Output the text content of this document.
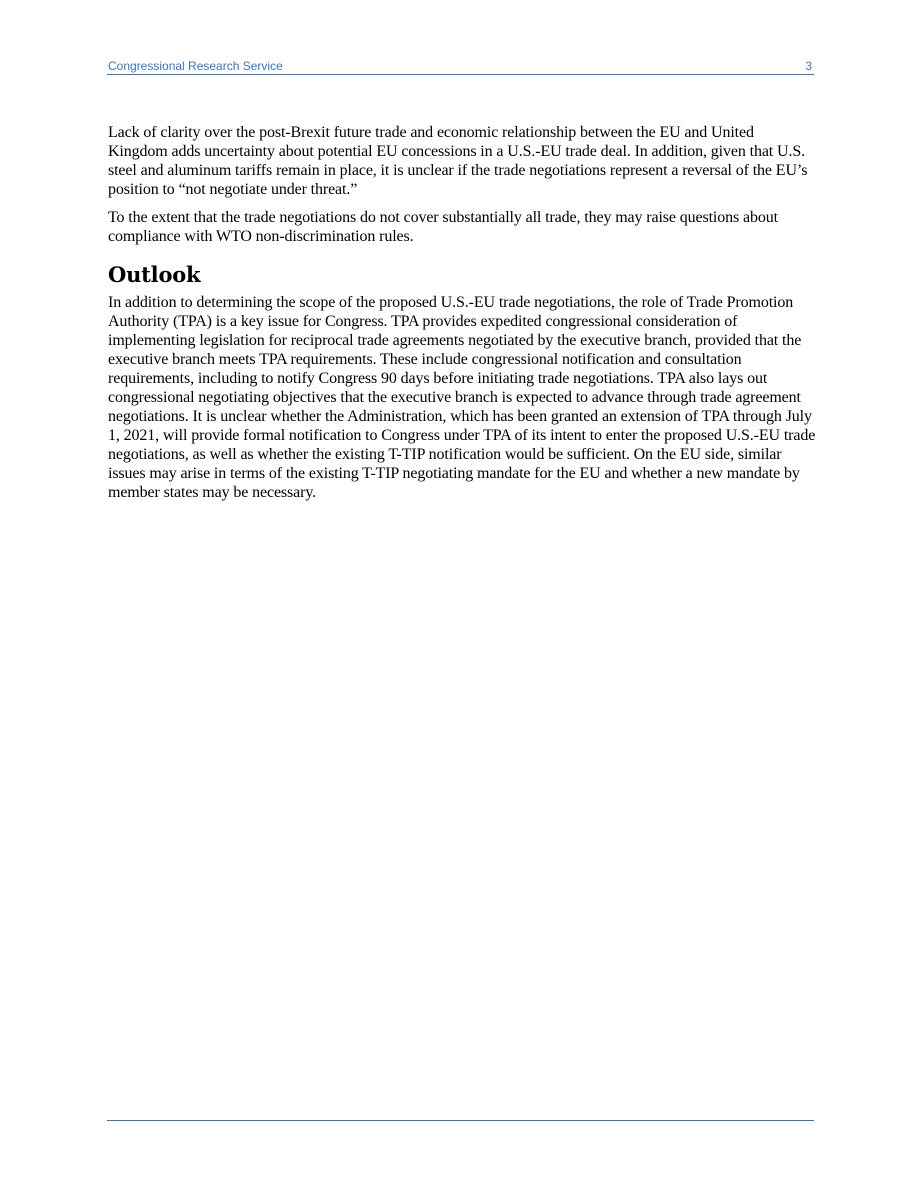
Congressional Research Service	3

Lack of clarity over the post-Brexit future trade and economic relationship between the EU and United Kingdom adds uncertainty about potential EU concessions in a U.S.-EU trade deal. In addition, given that U.S. steel and aluminum tariffs remain in place, it is unclear if the trade negotiations represent a reversal of the EU’s position to “not negotiate under threat.”

To the extent that the trade negotiations do not cover substantially all trade, they may raise questions about compliance with WTO non-discrimination rules.

Outlook

In addition to determining the scope of the proposed U.S.-EU trade negotiations, the role of Trade Promotion Authority (TPA) is a key issue for Congress. TPA provides expedited congressional consideration of implementing legislation for reciprocal trade agreements negotiated by the executive branch, provided that the executive branch meets TPA requirements. These include congressional notification and consultation requirements, including to notify Congress 90 days before initiating trade negotiations. TPA also lays out congressional negotiating objectives that the executive branch is expected to advance through trade agreement negotiations. It is unclear whether the Administration, which has been granted an extension of TPA through July 1, 2021, will provide formal notification to Congress under TPA of its intent to enter the proposed U.S.-EU trade negotiations, as well as whether the existing T-TIP notification would be sufficient. On the EU side, similar issues may arise in terms of the existing T-TIP negotiating mandate for the EU and whether a new mandate by member states may be necessary.
